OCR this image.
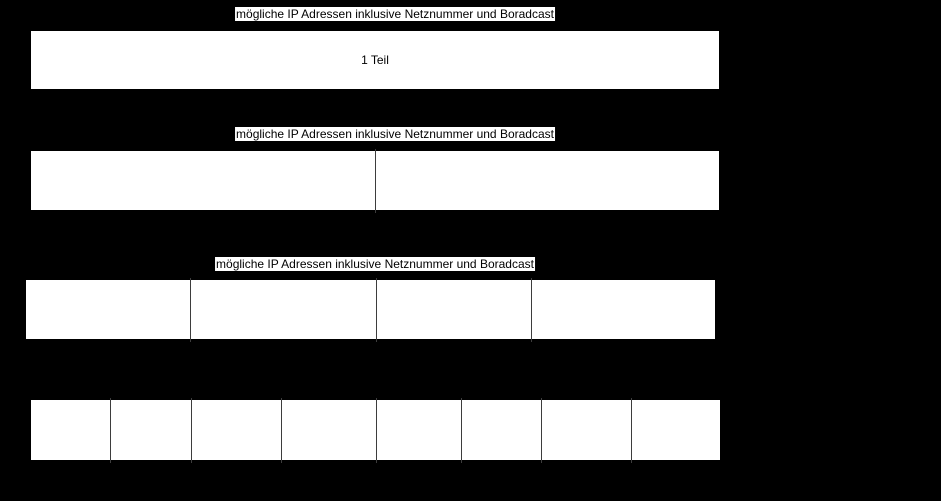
mögliche IP Adressen inklusive Netznummer und Boradcast
1 Teil
mögliche IP Adressen inklusive Netznummer und Boradcast
mögliche IP Adressen inklusive Netznummer und Boradcast
